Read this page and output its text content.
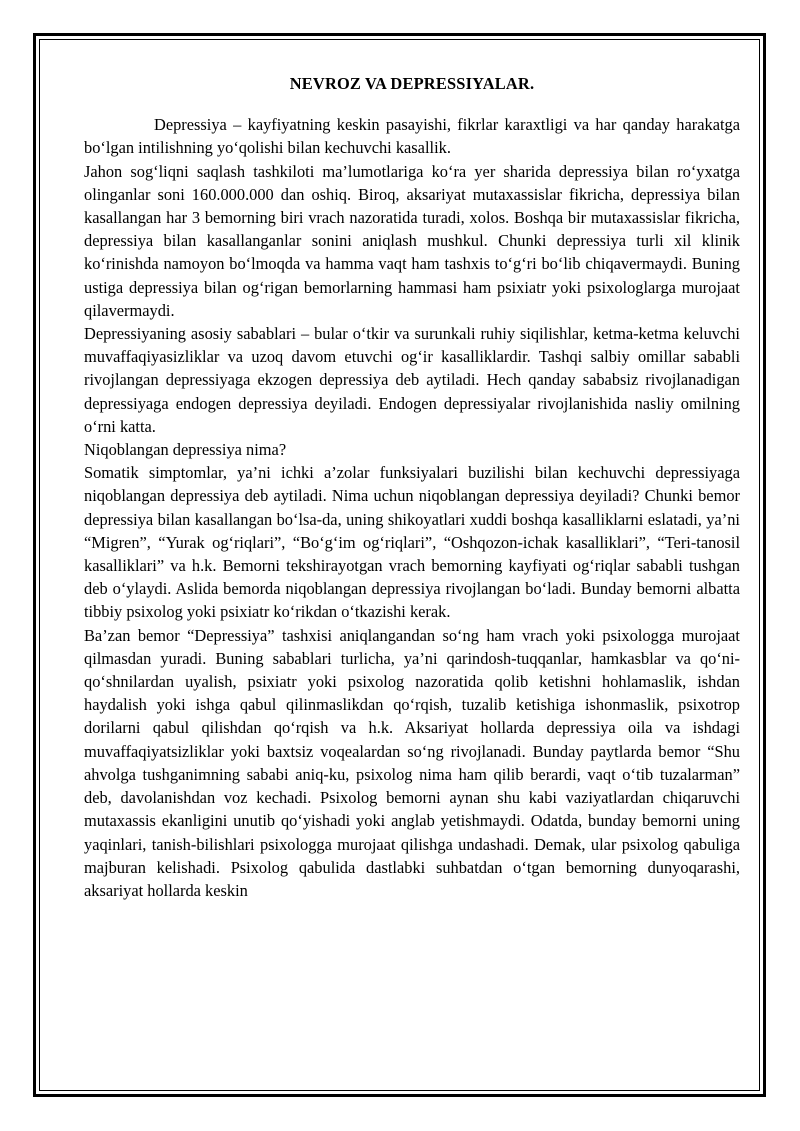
NEVROZ VA DEPRESSIYALAR.

Depressiya – kayfiyatning keskin pasayishi, fikrlar karaxtligi va har qanday harakatga bo‘lgan intilishning yo‘qolishi bilan kechuvchi kasallik.

Jahon sog‘liqni saqlash tashkiloti ma’lumotlariga ko‘ra yer sharida depressiya bilan ro‘yxatga olinganlar soni 160.000.000 dan oshiq. Biroq, aksariyat mutaxassislar fikricha, depressiya bilan kasallangan har 3 bemorning biri vrach nazoratida turadi, xolos. Boshqa bir mutaxassislar fikricha, depressiya bilan kasallanganlar sonini aniqlash mushkul. Chunki depressiya turli xil klinik ko‘rinishda namoyon bo‘lmoqda va hamma vaqt ham tashxis to‘g‘ri bo‘lib chiqavermaydi. Buning ustiga depressiya bilan og‘rigan bemorlarning hammasi ham psixiatr yoki psixologlarga murojaat qilavermaydi.

Depressiyaning asosiy sabablari – bular o‘tkir va surunkali ruhiy siqilishlar, ketma-ketma keluvchi muvaffaqiyasizliklar va uzoq davom etuvchi og‘ir kasalliklardir. Tashqi salbiy omillar sababli rivojlangan depressiyaga ekzogen depressiya deb aytiladi. Hech qanday sababsiz rivojlanadigan depressiyaga endogen depressiya deyiladi. Endogen depressiyalar rivojlanishida nasliy omilning o‘rni katta.

Niqoblangan depressiya nima?

Somatik simptomlar, ya’ni ichki a’zolar funksiyalari buzilishi bilan kechuvchi depressiyaga niqoblangan depressiya deb aytiladi. Nima uchun niqoblangan depressiya deyiladi? Chunki bemor depressiya bilan kasallangan bo‘lsa-da, uning shikoyatlari xuddi boshqa kasalliklarni eslatadi, ya’ni “Migren”, “Yurak og‘riqlari”, “Bo‘g‘im og‘riqlari”, “Oshqozon-ichak kasalliklari”, “Teri-tanosil kasalliklari” va h.k. Bemorni tekshirayotgan vrach bemorning kayfiyati og‘riqlar sababli tushgan deb o‘ylaydi. Aslida bemorda niqoblangan depressiya rivojlangan bo‘ladi. Bunday bemorni albatta tibbiy psixolog yoki psixiatr ko‘rikdan o‘tkazishi kerak.

Ba’zan bemor “Depressiya” tashxisi aniqlangandan so‘ng ham vrach yoki psixologga murojaat qilmasdan yuradi. Buning sabablari turlicha, ya’ni qarindosh-tuqqanlar, hamkasblar va qo‘ni-qo‘shnilardan uyalish, psixiatr yoki psixolog nazoratida qolib ketishni hohlamaslik, ishdan haydalish yoki ishga qabul qilinmaslikdan qo‘rqish, tuzalib ketishiga ishonmaslik, psixotrop dorilarni qabul qilishdan qo‘rqish va h.k. Aksariyat hollarda depressiya oila va ishdagi muvaffaqiyatsizliklar yoki baxtsiz voqealardan so‘ng rivojlanadi. Bunday paytlarda bemor “Shu ahvolga tushganimning sababi aniq-ku, psixolog nima ham qilib berardi, vaqt o‘tib tuzalarman” deb, davolanishdan voz kechadi. Psixolog bemorni aynan shu kabi vaziyatlardan chiqaruvchi mutaxassis ekanligini unutib qo‘yishadi yoki anglab yetishmaydi. Odatda, bunday bemorni uning yaqinlari, tanish-bilishlari psixologga murojaat qilishga undashadi. Demak, ular psixolog qabuliga majburan kelishadi. Psixolog qabulida dastlabki suhbatdan o‘tgan bemorning dunyoqarashi, aksariyat hollarda keskin
